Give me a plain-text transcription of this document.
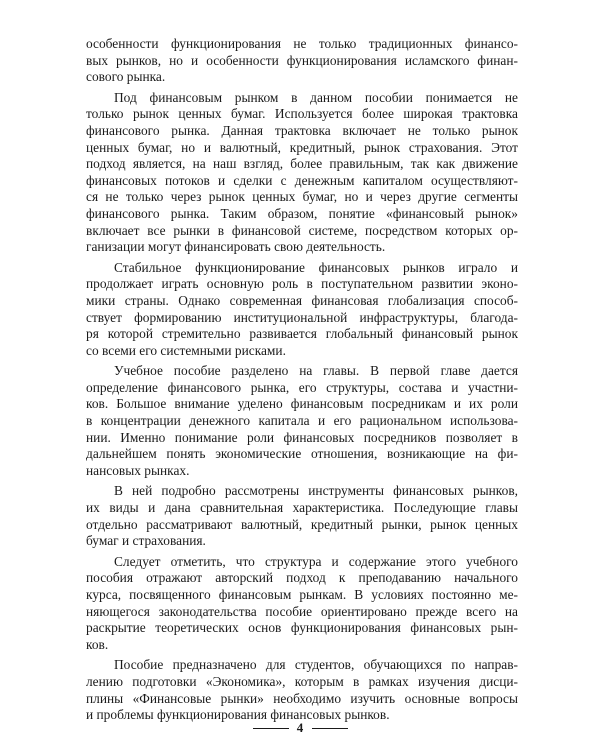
особенности функционирования не только традиционных финансо-
вых рынков, но и особенности функционирования исламского финан-
сового рынка.

Под финансовым рынком в данном пособии понимается не
только рынок ценных бумаг. Используется более широкая трактовка
финансового рынка. Данная трактовка включает не только рынок
ценных бумаг, но и валютный, кредитный, рынок страхования. Этот
подход является, на наш взгляд, более правильным, так как движение
финансовых потоков и сделки с денежным капиталом осуществляют-
ся не только через рынок ценных бумаг, но и через другие сегменты
финансового рынка. Таким образом, понятие «финансовый рынок»
включает все рынки в финансовой системе, посредством которых ор-
ганизации могут финансировать свою деятельность.

Стабильное функционирование финансовых рынков играло и
продолжает играть основную роль в поступательном развитии эконо-
мики страны. Однако современная финансовая глобализация способ-
ствует формированию институциональной инфраструктуры, благода-
ря которой стремительно развивается глобальный финансовый рынок
со всеми его системными рисками.

Учебное пособие разделено на главы. В первой главе дается
определение финансового рынка, его структуры, состава и участни-
ков. Большое внимание уделено финансовым посредникам и их роли
в концентрации денежного капитала и его рациональном использова-
нии. Именно понимание роли финансовых посредников позволяет в
дальнейшем понять экономические отношения, возникающие на фи-
нансовых рынках.

В ней подробно рассмотрены инструменты финансовых рынков,
их виды и дана сравнительная характеристика. Последующие главы
отдельно рассматривают валютный, кредитный рынки, рынок ценных
бумаг и страхования.

Следует отметить, что структура и содержание этого учебного
пособия отражают авторский подход к преподаванию начального
курса, посвященного финансовым рынкам. В условиях постоянно ме-
няющегося законодательства пособие ориентировано прежде всего на
раскрытие теоретических основ функционирования финансовых рын-
ков.

Пособие предназначено для студентов, обучающихся по направ-
лению подготовки «Экономика», которым в рамках изучения дисци-
плины «Финансовые рынки» необходимо изучить основные вопросы
и проблемы функционирования финансовых рынков.

4
